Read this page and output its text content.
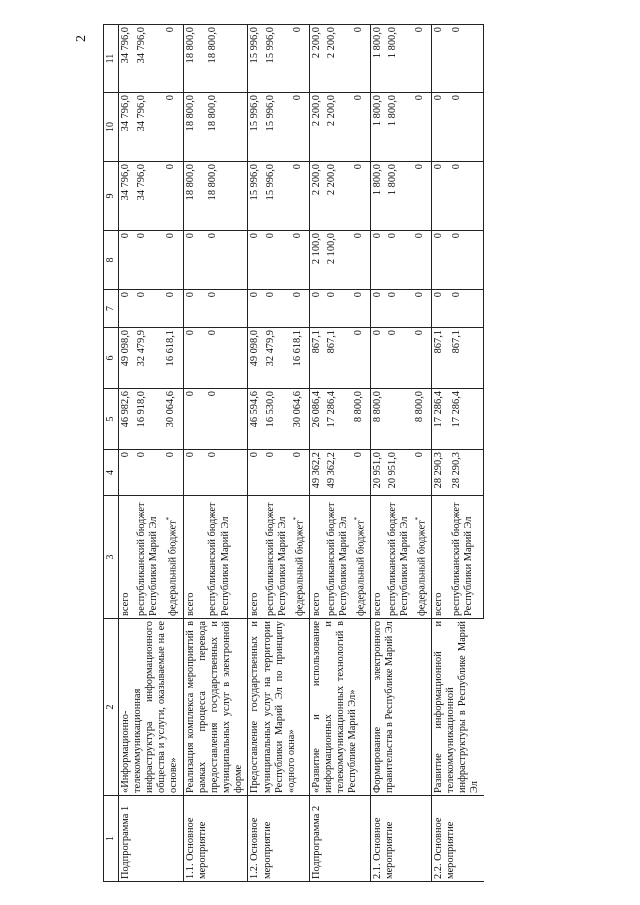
2
1	2	3	4	5	6	7	8	9	10	11
Подпрограмма 1	«Информационно-телекоммуникационная инфраструктура информационного общества и услуги, оказываемые на ее основе»	всего	0	46 982,6	49 098,0	0	0	34 796,0	34 796,0	34 796,0
		республиканский бюджет Республики Марий Эл	0	16 918,0	32 479,9	0	0	34 796,0	34 796,0	34 796,0
		федеральный бюджет*	0	30 064,6	16 618,1	0	0	0	0	0
1.1. Основное мероприятие	Реализация комплекса мероприятий в рамках процесса перевода предоставления государственных и муниципальных услуг в электронной форме	всего	0	0	0	0	0	18 800,0	18 800,0	18 800,0
		республиканский бюджет Республики Марий Эл	0	0	0	0	0	18 800,0	18 800,0	18 800,0
1.2. Основное мероприятие	Предоставление государственных и муниципальных услуг на территории Республики Марий Эл по принципу «одного окна»	всего	0	46 594,6	49 098,0	0	0	15 996,0	15 996,0	15 996,0
		республиканский бюджет Республики Марий Эл	0	16 530,0	32 479,9	0	0	15 996,0	15 996,0	15 996,0
		федеральный бюджет*	0	30 064,6	16 618,1	0	0	0	0	0
Подпрограмма 2	«Развитие и использование информационных и телекоммуникационных технологий в Республике Марий Эл»	всего	49 362,2	26 086,4	867,1	0	2 100,0	2 200,0	2 200,0	2 200,0
		республиканский бюджет Республики Марий Эл	49 362,2	17 286,4	867,1	0	2 100,0	2 200,0	2 200,0	2 200,0
		федеральный бюджет*	0	8 800,0	0	0	0	0	0	0
2.1. Основное мероприятие	Формирование электронного правительства в Республике Марий Эл	всего	20 951,0	8 800,0	0	0	0	1 800,0	1 800,0	1 800,0
		республиканский бюджет Республики Марий Эл	20 951,0		0	0	0	1 800,0	1 800,0	1 800,0
		федеральный бюджет*	0	8 800,0	0	0	0	0	0	0
2.2. Основное мероприятие	Развитие информационной и телекоммуникационной инфраструктуры в Республике Марий Эл	всего	28 290,3	17 286,4	867,1	0	0	0	0	0
		республиканский бюджет Республики Марий Эл	28 290,3	17 286,4	867,1	0	0	0	0	0
